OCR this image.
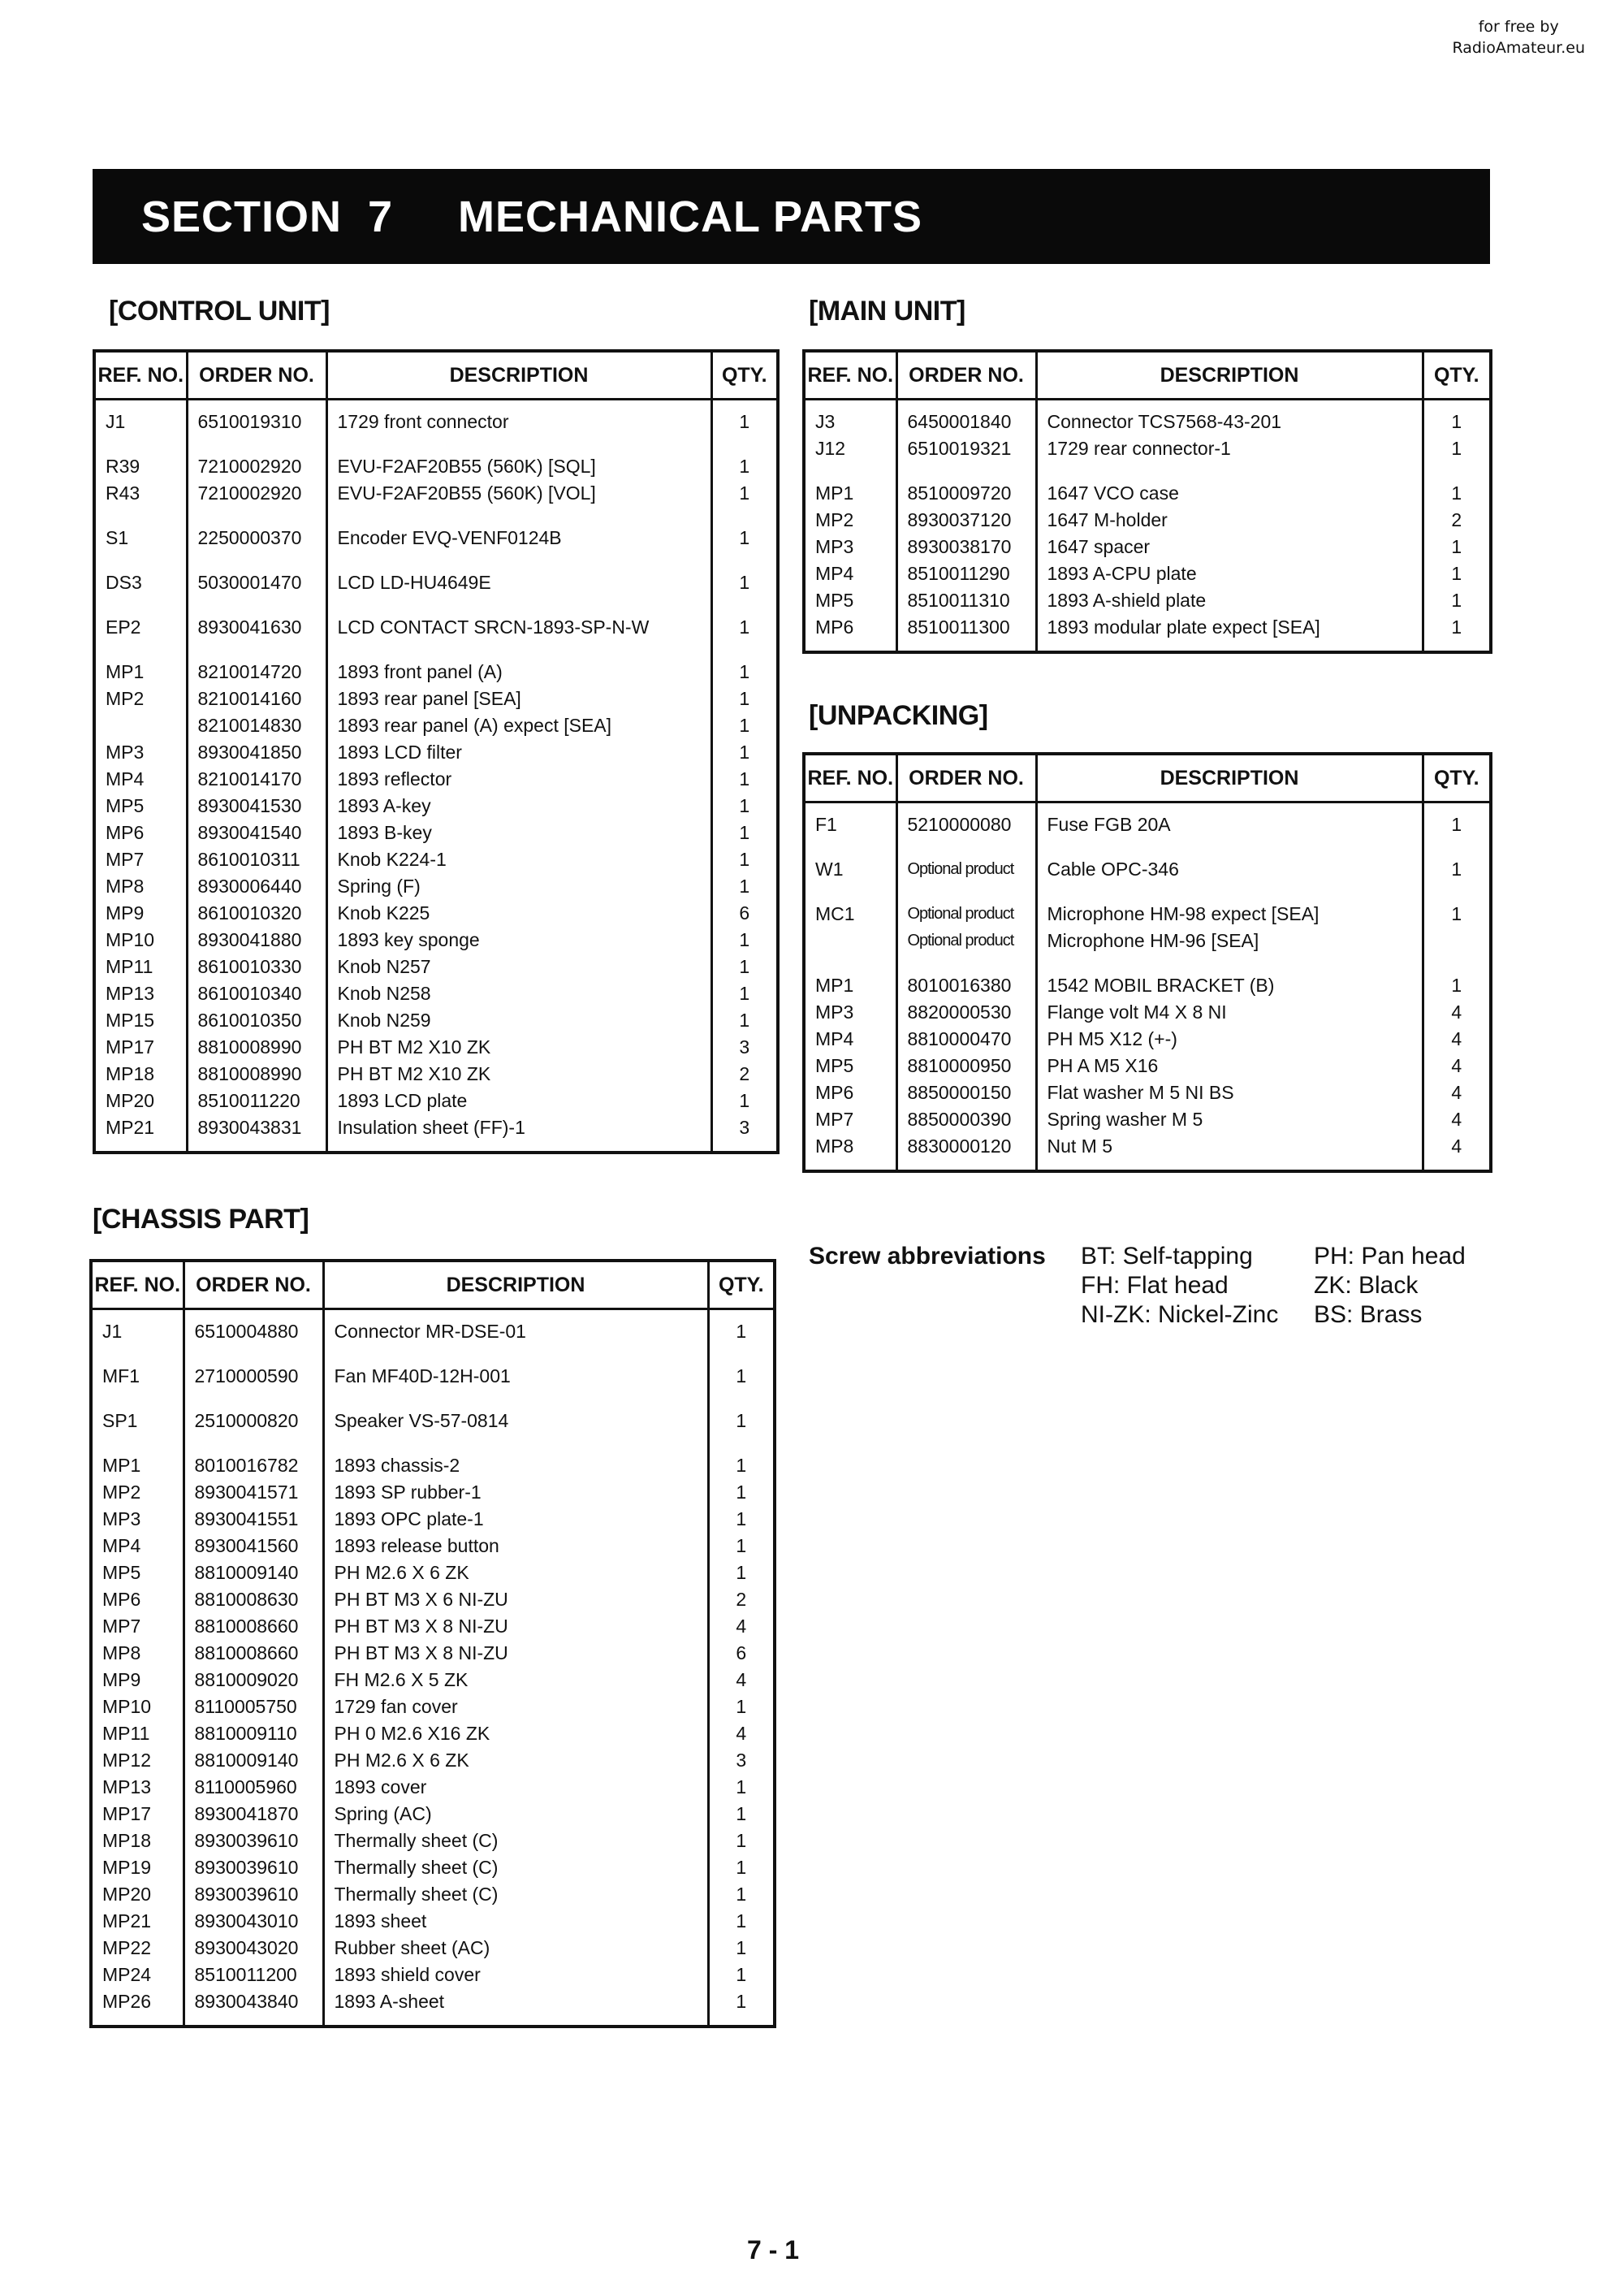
for free by
RadioAmateur.eu
SECTION  7 MECHANICAL PARTS
[CONTROL UNIT]	[MAIN UNIT]
[UNPACKING]
[CHASSIS PART]
REF. NO.	ORDER NO.	DESCRIPTION	QTY.
J1	6510019310	1729 front connector	1

R39	7210002920	EVU-F2AF20B55 (560K) [SQL]	1
R43	7210002920	EVU-F2AF20B55 (560K) [VOL]	1

S1	2250000370	Encoder EVQ-VENF0124B	1

DS3	5030001470	LCD LD-HU4649E	1

EP2	8930041630	LCD CONTACT SRCN-1893-SP-N-W	1

MP1	8210014720	1893 front panel (A)	1
MP2	8210014160	1893 rear panel [SEA]	1
	8210014830	1893 rear panel (A) expect [SEA]	1
MP3	8930041850	1893 LCD filter	1
MP4	8210014170	1893 reflector	1
MP5	8930041530	1893 A-key	1
MP6	8930041540	1893 B-key	1
MP7	8610010311	Knob K224-1	1
MP8	8930006440	Spring (F)	1
MP9	8610010320	Knob K225	6
MP10	8930041880	1893 key sponge	1
MP11	8610010330	Knob N257	1
MP13	8610010340	Knob N258	1
MP15	8610010350	Knob N259	1
MP17	8810008990	PH BT M2 X10 ZK	3
MP18	8810008990	PH BT M2 X10 ZK	2
MP20	8510011220	1893 LCD plate	1
MP21	8930043831	Insulation sheet (FF)-1	3
REF. NO.	ORDER NO.	DESCRIPTION	QTY.
J3	6450001840	Connector TCS7568-43-201	1
J12	6510019321	1729 rear connector-1	1

MP1	8510009720	1647 VCO case	1
MP2	8930037120	1647 M-holder	2
MP3	8930038170	1647 spacer	1
MP4	8510011290	1893 A-CPU plate	1
MP5	8510011310	1893 A-shield plate	1
MP6	8510011300	1893 modular plate expect [SEA]	1
REF. NO.	ORDER NO.	DESCRIPTION	QTY.
F1	5210000080	Fuse FGB 20A	1

W1	Optional product	Cable OPC-346	1

MC1	Optional product	Microphone HM-98 expect [SEA]	1
	Optional product	Microphone HM-96 [SEA]	

MP1	8010016380	1542 MOBIL BRACKET (B)	1
MP3	8820000530	Flange volt M4 X 8 NI	4
MP4	8810000470	PH M5 X12 (+-)	4
MP5	8810000950	PH A M5 X16	4
MP6	8850000150	Flat washer M 5 NI BS	4
MP7	8850000390	Spring washer M 5	4
MP8	8830000120	Nut M 5	4
REF. NO.	ORDER NO.	DESCRIPTION	QTY.
J1	6510004880	Connector MR-DSE-01	1

MF1	2710000590	Fan MF40D-12H-001	1

SP1	2510000820	Speaker VS-57-0814	1

MP1	8010016782	1893 chassis-2	1
MP2	8930041571	1893 SP rubber-1	1
MP3	8930041551	1893 OPC plate-1	1
MP4	8930041560	1893 release button	1
MP5	8810009140	PH M2.6 X 6 ZK	1
MP6	8810008630	PH BT M3 X 6 NI-ZU	2
MP7	8810008660	PH BT M3 X 8 NI-ZU	4
MP8	8810008660	PH BT M3 X 8 NI-ZU	6
MP9	8810009020	FH M2.6 X 5 ZK	4
MP10	8110005750	1729 fan cover	1
MP11	8810009110	PH 0 M2.6 X16 ZK	4
MP12	8810009140	PH M2.6 X 6 ZK	3
MP13	8110005960	1893 cover	1
MP17	8930041870	Spring (AC)	1
MP18	8930039610	Thermally sheet (C)	1
MP19	8930039610	Thermally sheet (C)	1
MP20	8930039610	Thermally sheet (C)	1
MP21	8930043010	1893 sheet	1
MP22	8930043020	Rubber sheet (AC)	1
MP24	8510011200	1893 shield cover	1
MP26	8930043840	1893 A-sheet	1
Screw abbreviations BT: Self-tapping	PH: Pan head
FH: Flat head	ZK: Black
NI-ZK: Nickel-Zinc BS: Brass
7 - 1
